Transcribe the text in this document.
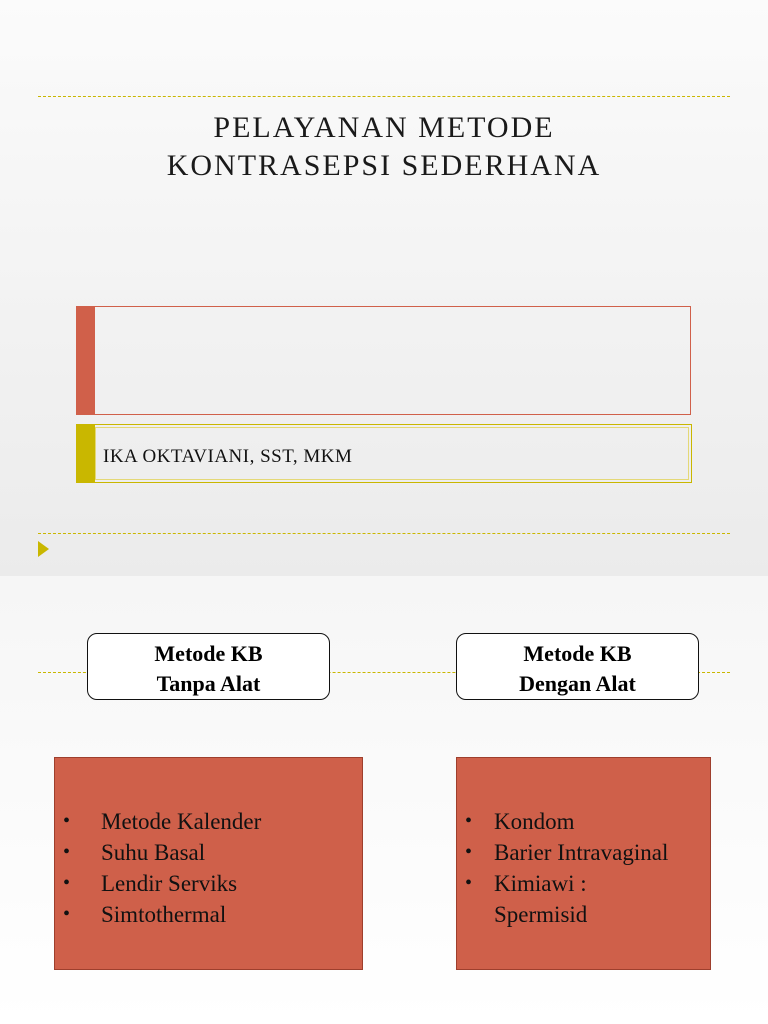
PELAYANAN METODE
KONTRASEPSI SEDERHANA
IKA OKTAVIANI, SST, MKM
Metode KB
Tanpa Alat
Metode KB
Dengan Alat
• Metode Kalender
• Suhu Basal
• Lendir Serviks
• Simtothermal
• Kondom
• Barier Intravaginal
• Kimiawi :
Spermisid
